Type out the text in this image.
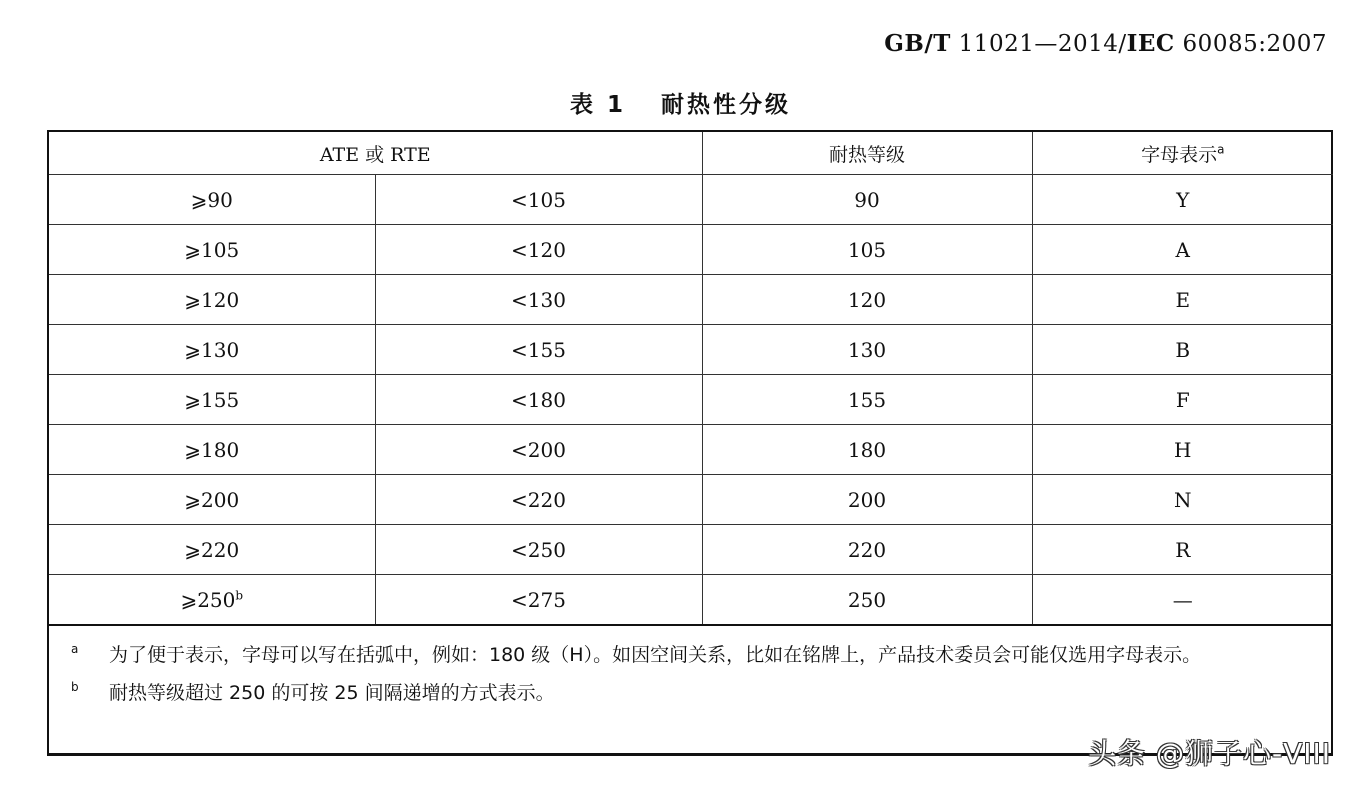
GB/T 11021—2014/IEC 60085:2007
表 1 耐热性分级
ATE 或 RTE		耐热等级	字母表示$^a$
⩾90	<105	90	Y
⩾105	<120	105	A
⩾120	<130	120	E
⩾130	<155	130	B
⩾155	<180	155	F
⩾180	<200	180	H
⩾200	<220	200	N
⩾220	<250	220	R
$⩾250^b$	<275	250	—
a 为了便于表示，字母可以写在括弧中，例如：180 级（H）。如因空间关系，比如在铭牌上，产品技术委员会可能仅选用字母表示。
b 耐热等级超过 250 的可按 25 间隔递增的方式表示。
头条 @狮子心-VIII
